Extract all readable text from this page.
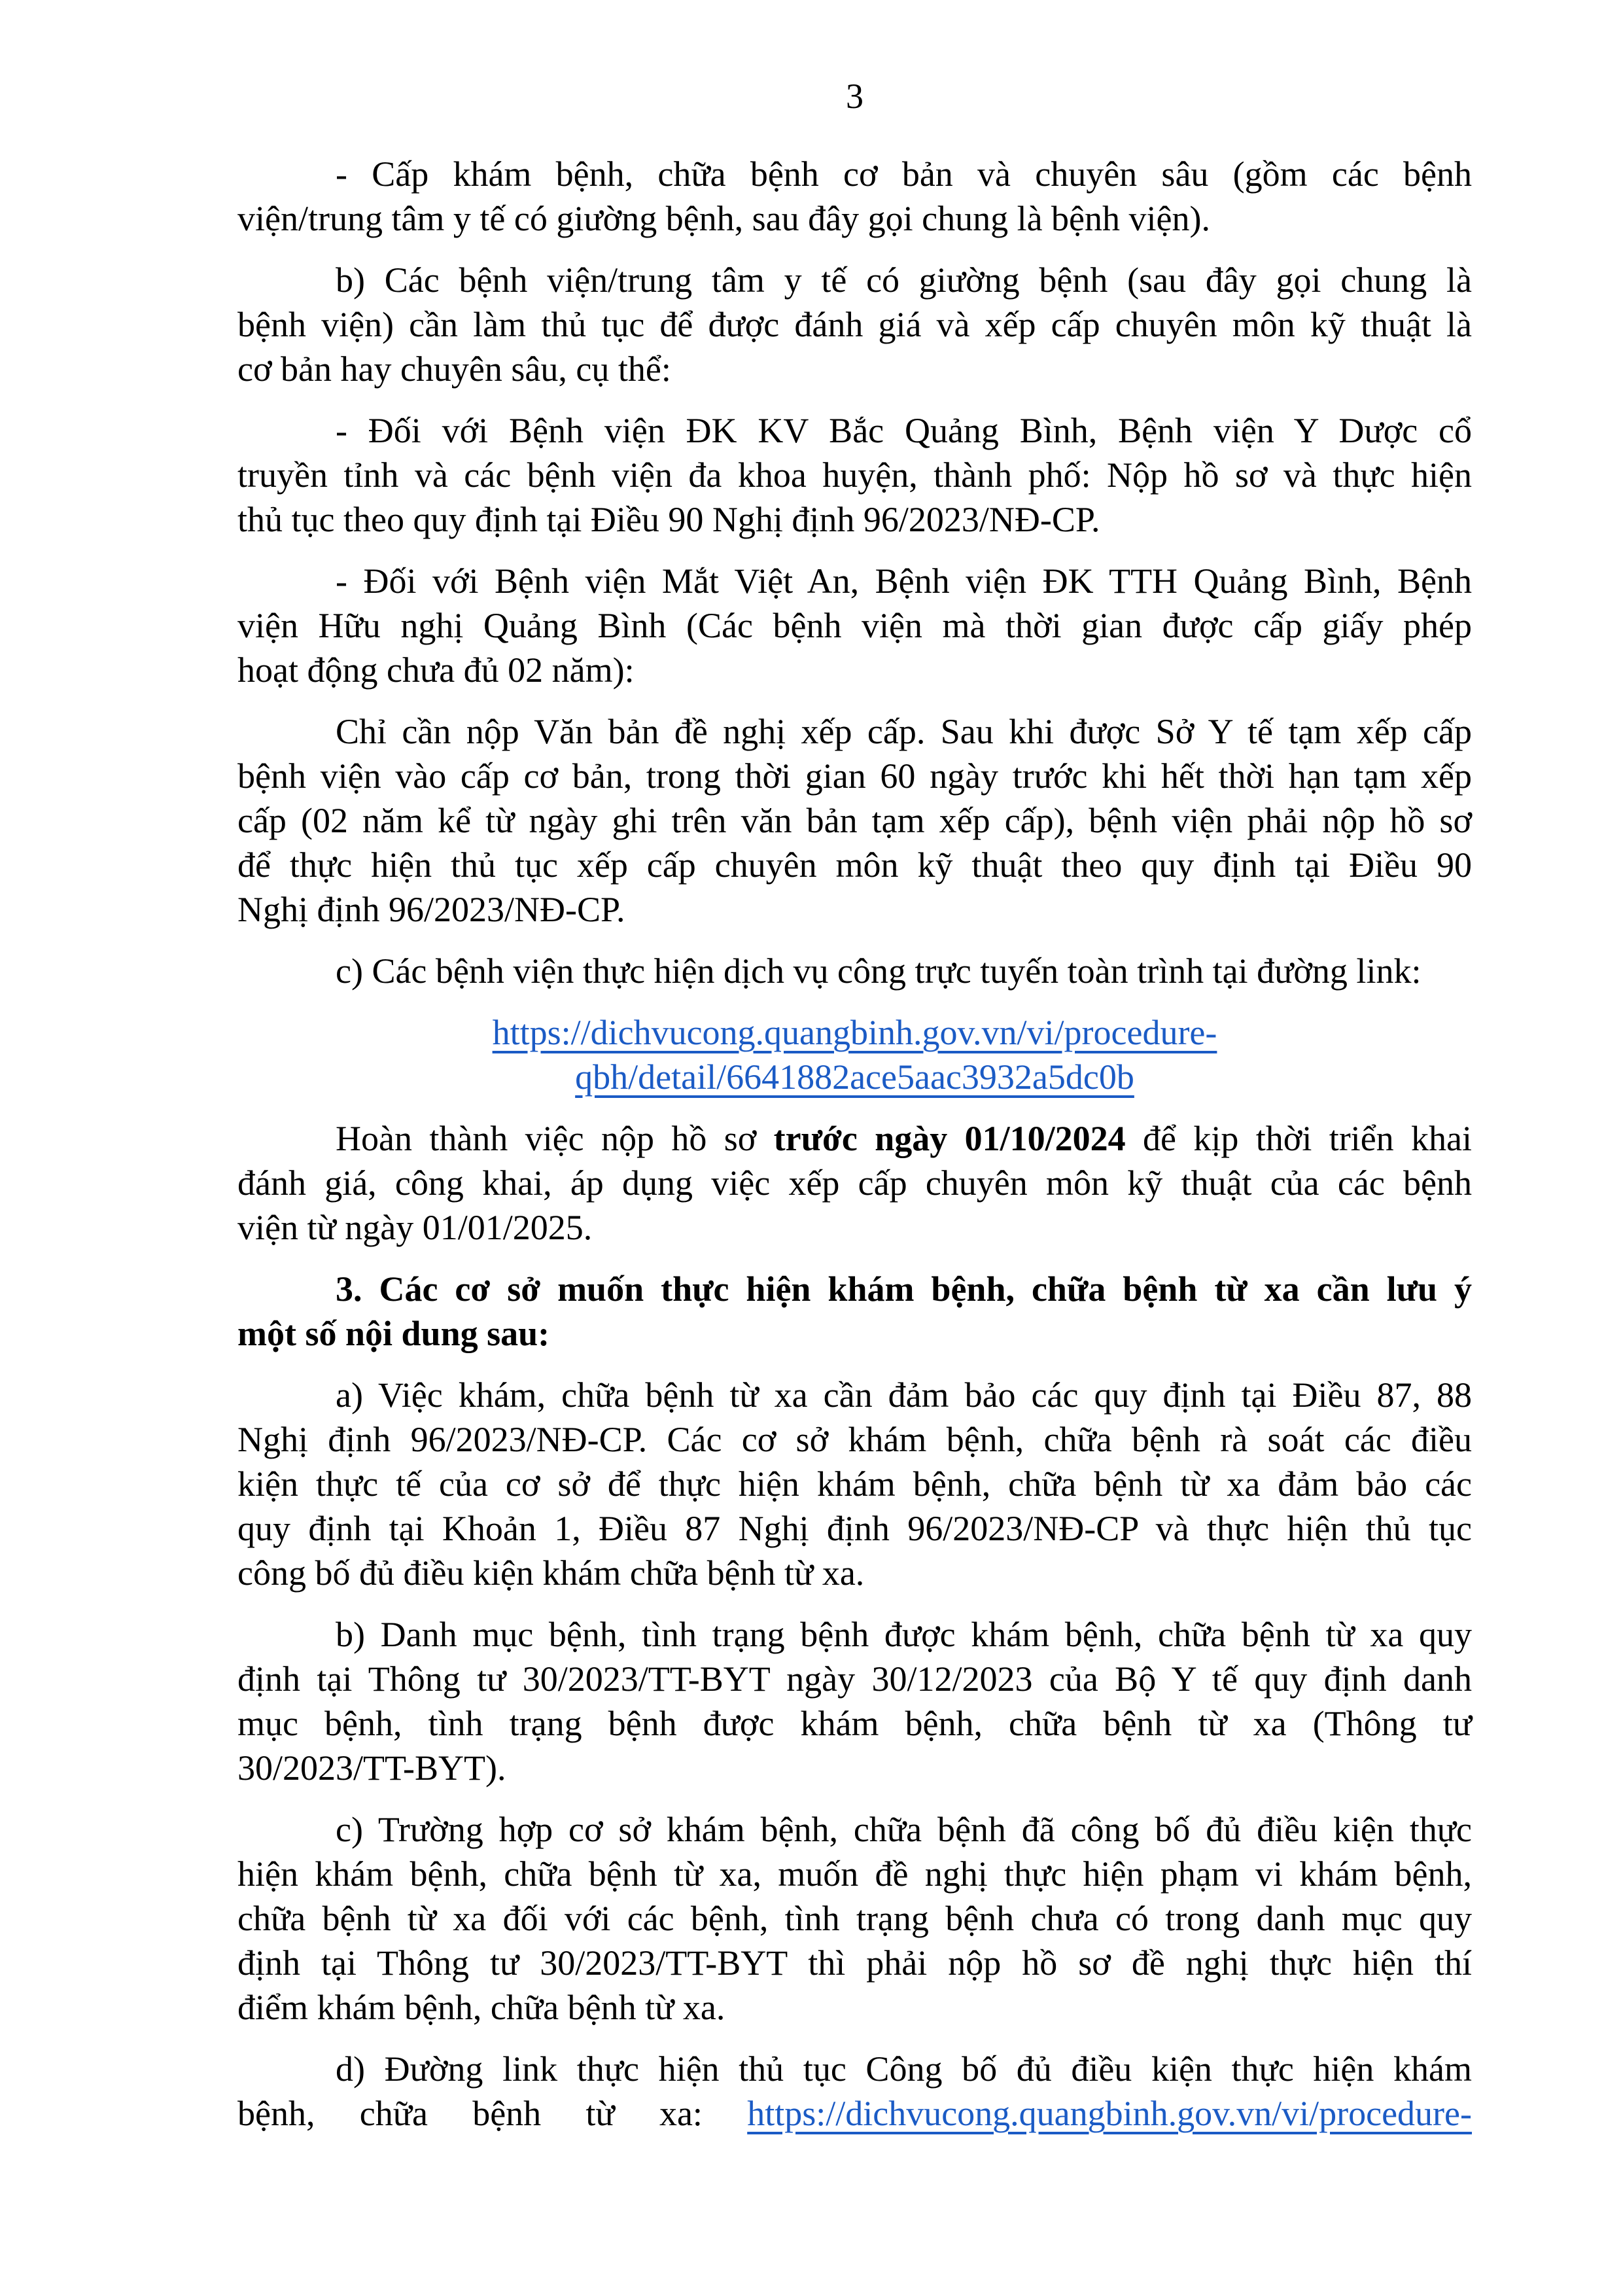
3

- Cấp khám bệnh, chữa bệnh cơ bản và chuyên sâu (gồm các bệnh
viện/trung tâm y tế có giường bệnh, sau đây gọi chung là bệnh viện).

b) Các bệnh viện/trung tâm y tế có giường bệnh (sau đây gọi chung là
bệnh viện) cần làm thủ tục để được đánh giá và xếp cấp chuyên môn kỹ thuật là
cơ bản hay chuyên sâu, cụ thể:

- Đối với Bệnh viện ĐK KV Bắc Quảng Bình, Bệnh viện Y Dược cổ
truyền tỉnh và các bệnh viện đa khoa huyện, thành phố: Nộp hồ sơ và thực hiện
thủ tục theo quy định tại Điều 90 Nghị định 96/2023/NĐ-CP.

- Đối với Bệnh viện Mắt Việt An, Bệnh viện ĐK TTH Quảng Bình, Bệnh
viện Hữu nghị Quảng Bình (Các bệnh viện mà thời gian được cấp giấy phép
hoạt động chưa đủ 02 năm):

Chỉ cần nộp Văn bản đề nghị xếp cấp. Sau khi được Sở Y tế tạm xếp cấp
bệnh viện vào cấp cơ bản, trong thời gian 60 ngày trước khi hết thời hạn tạm xếp
cấp (02 năm kể từ ngày ghi trên văn bản tạm xếp cấp), bệnh viện phải nộp hồ sơ
để thực hiện thủ tục xếp cấp chuyên môn kỹ thuật theo quy định tại Điều 90
Nghị định 96/2023/NĐ-CP.

c) Các bệnh viện thực hiện dịch vụ công trực tuyến toàn trình tại đường link:

https://dichvucong.quangbinh.gov.vn/vi/procedure-
qbh/detail/6641882ace5aac3932a5dc0b

Hoàn thành việc nộp hồ sơ trước ngày 01/10/2024 để kịp thời triển khai
đánh giá, công khai, áp dụng việc xếp cấp chuyên môn kỹ thuật của các bệnh
viện từ ngày 01/01/2025.

3. Các cơ sở muốn thực hiện khám bệnh, chữa bệnh từ xa cần lưu ý
một số nội dung sau:

a) Việc khám, chữa bệnh từ xa cần đảm bảo các quy định tại Điều 87, 88
Nghị định 96/2023/NĐ-CP. Các cơ sở khám bệnh, chữa bệnh rà soát các điều
kiện thực tế của cơ sở để thực hiện khám bệnh, chữa bệnh từ xa đảm bảo các
quy định tại Khoản 1, Điều 87 Nghị định 96/2023/NĐ-CP và thực hiện thủ tục
công bố đủ điều kiện khám chữa bệnh từ xa.

b) Danh mục bệnh, tình trạng bệnh được khám bệnh, chữa bệnh từ xa quy
định tại Thông tư 30/2023/TT-BYT ngày 30/12/2023 của Bộ Y tế quy định danh
mục bệnh, tình trạng bệnh được khám bệnh, chữa bệnh từ xa (Thông tư
30/2023/TT-BYT).

c) Trường hợp cơ sở khám bệnh, chữa bệnh đã công bố đủ điều kiện thực
hiện khám bệnh, chữa bệnh từ xa, muốn đề nghị thực hiện phạm vi khám bệnh,
chữa bệnh từ xa đối với các bệnh, tình trạng bệnh chưa có trong danh mục quy
định tại Thông tư 30/2023/TT-BYT thì phải nộp hồ sơ đề nghị thực hiện thí
điểm khám bệnh, chữa bệnh từ xa.

d) Đường link thực hiện thủ tục Công bố đủ điều kiện thực hiện khám
bệnh, chữa bệnh từ xa: https://dichvucong.quangbinh.gov.vn/vi/procedure-
